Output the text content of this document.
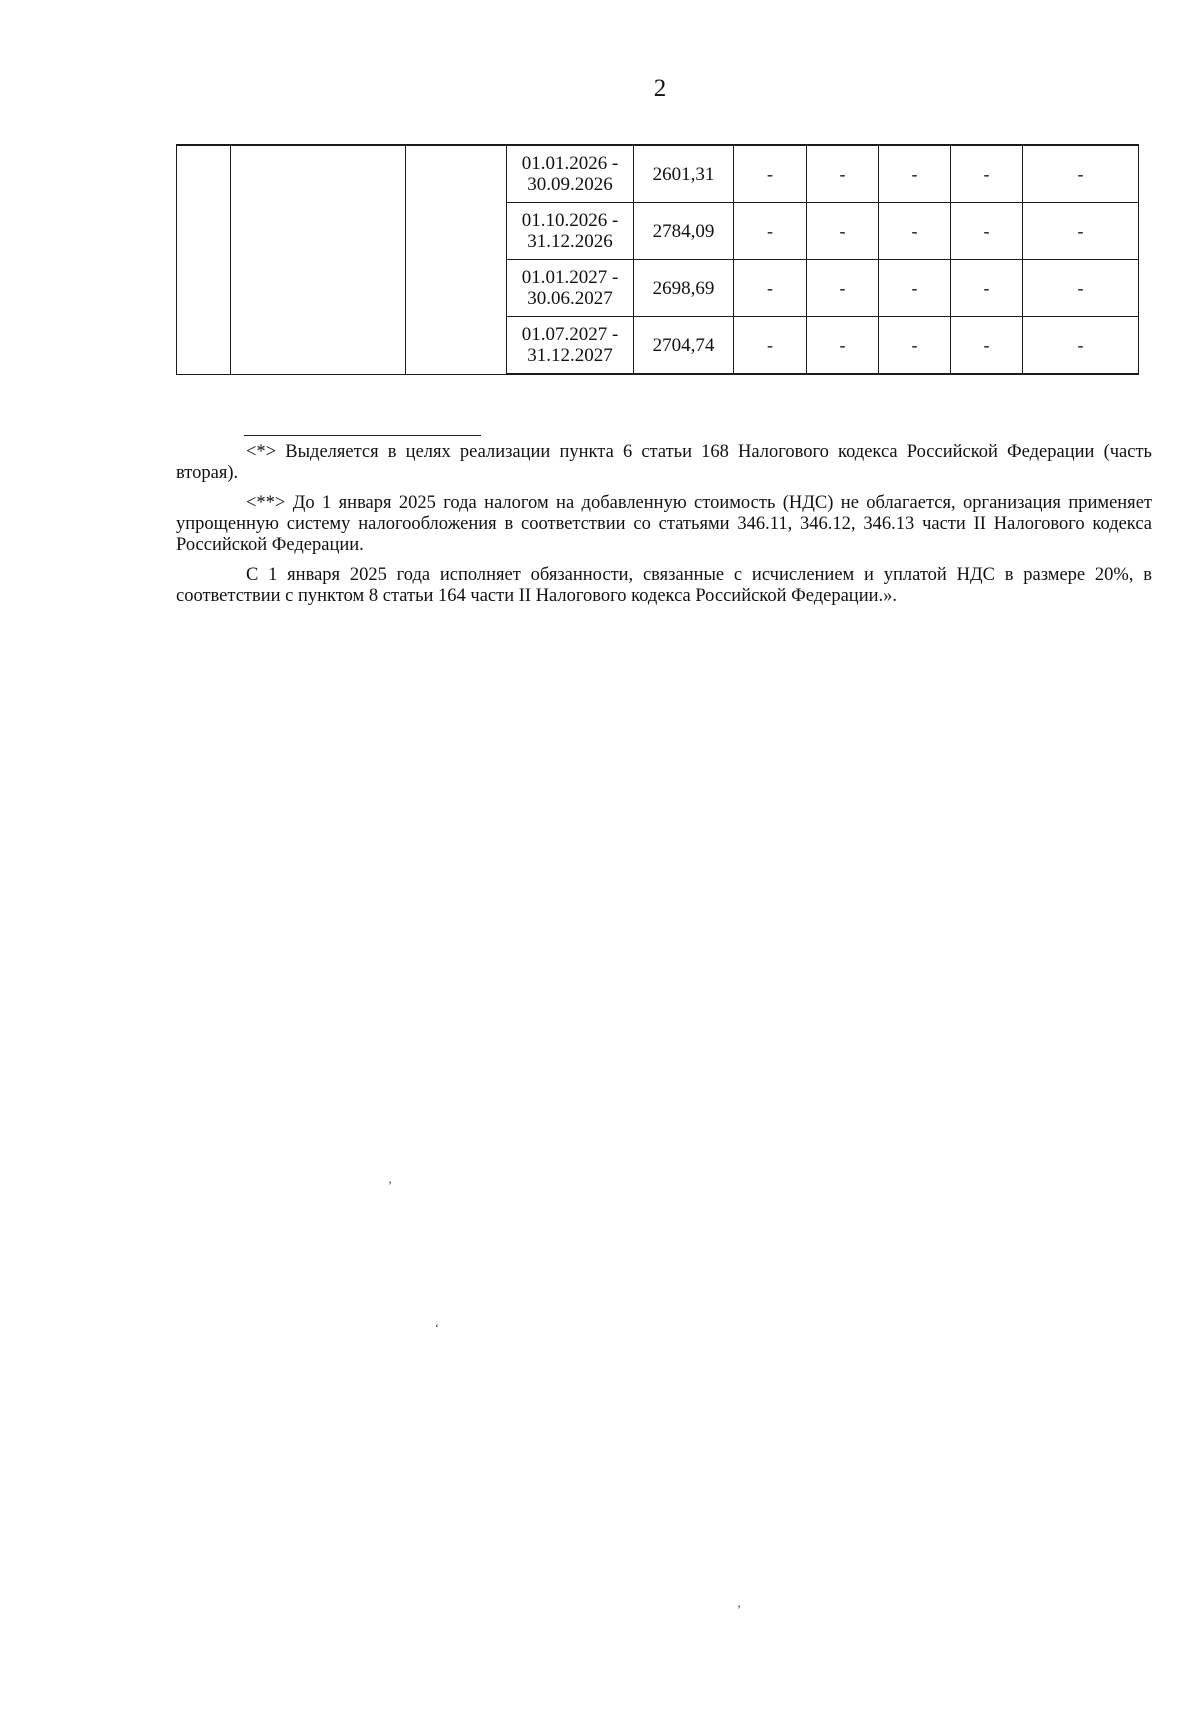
2

			01.01.2026 -
30.09.2026	2601,31	-	-	-	-	-

			01.10.2026 -
31.12.2026	2784,09	-	-	-	-	-

			01.01.2027 -
30.06.2027	2698,69	-	-	-	-	-

			01.07.2027 -
31.12.2027	2704,74	-	-	-	-	-

<*> Выделяется в целях реализации пункта 6 статьи 168 Налогового кодекса Российской Федерации (часть вторая).

<**> До 1 января 2025 года налогом на добавленную стоимость (НДС) не облагается, организация применяет упрощенную систему налогообложения в соответствии со статьями 346.11, 346.12, 346.13 части II Налогового кодекса Российской Федерации.

С 1 января 2025 года исполняет обязанности, связанные с исчислением и уплатой НДС в размере 20%, в соответствии с пунктом 8 статьи 164 части II Налогового кодекса Российской Федерации.».

’
‘
’
